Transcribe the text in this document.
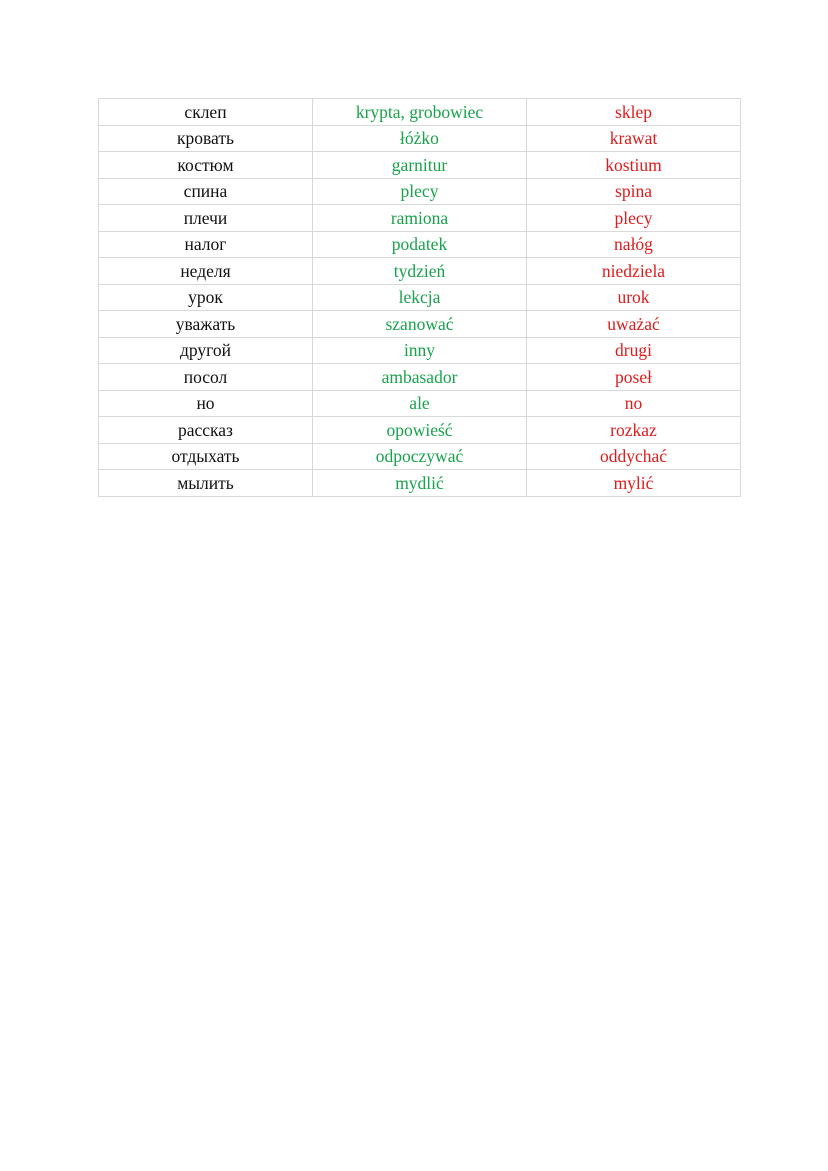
склеп	krypta, grobowiec	sklep
кровать	łóżko	krawat
костюм	garnitur	kostium
спина	plecy	spina
плечи	ramiona	plecy
налог	podatek	nałóg
неделя	tydzień	niedziela
урок	lekcja	urok
уважать	szanować	uważać
другой	inny	drugi
посол	ambasador	poseł
но	ale	no
рассказ	opowieść	rozkaz
отдыхать	odpoczywać	oddychać
мылить	mydlić	mylić
